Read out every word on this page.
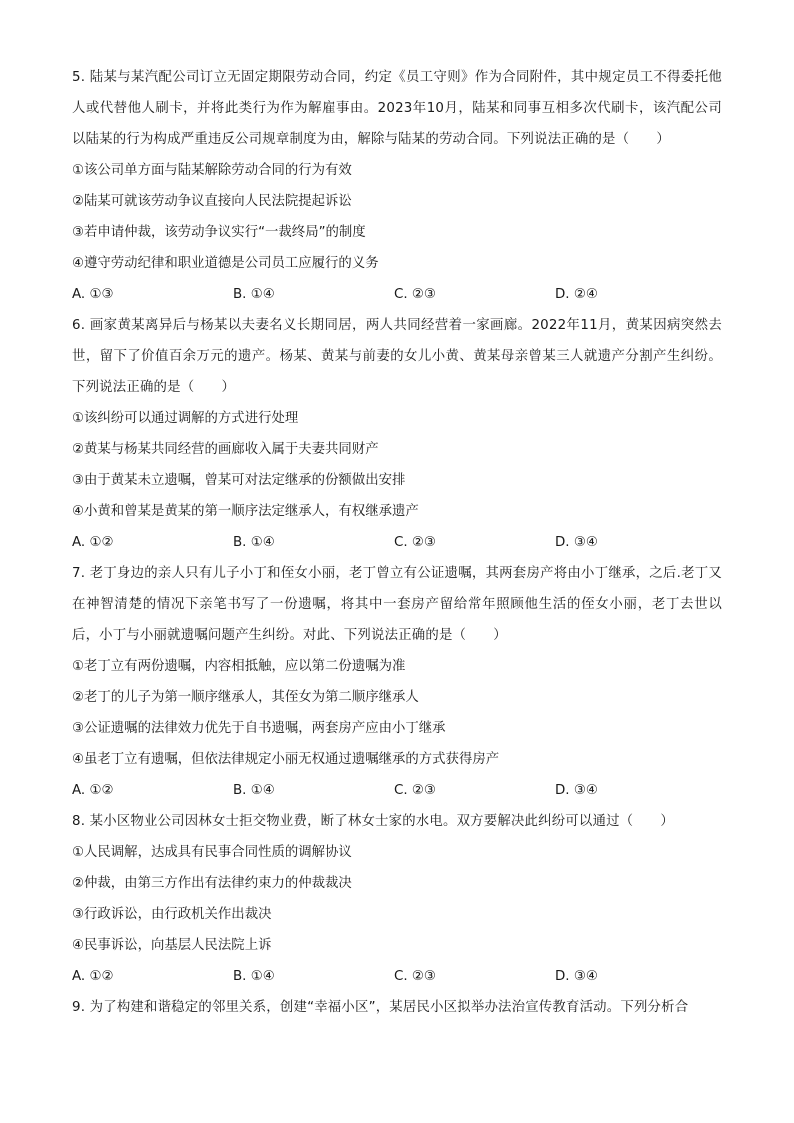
5. 陆某与某汽配公司订立无固定期限劳动合同，约定《员工守则》作为合同附件，其中规定员工不得委托他人或代替他人刷卡，并将此类行为作为解雇事由。2023年10月，陆某和同事互相多次代刷卡，该汽配公司以陆某的行为构成严重违反公司规章制度为由，解除与陆某的劳动合同。下列说法正确的是（　　）

①该公司单方面与陆某解除劳动合同的行为有效

②陆某可就该劳动争议直接向人民法院提起诉讼

③若申请仲裁，该劳动争议实行“一裁终局”的制度

④遵守劳动纪律和职业道德是公司员工应履行的义务

A. ①③	B. ①④	C. ②③	D. ②④

6. 画家黄某离异后与杨某以夫妻名义长期同居，两人共同经营着一家画廊。2022年11月，黄某因病突然去世，留下了价值百余万元的遗产。杨某、黄某与前妻的女儿小黄、黄某母亲曾某三人就遗产分割产生纠纷。下列说法正确的是（　　）

①该纠纷可以通过调解的方式进行处理

②黄某与杨某共同经营的画廊收入属于夫妻共同财产

③由于黄某未立遗嘱，曾某可对法定继承的份额做出安排

④小黄和曾某是黄某的第一顺序法定继承人，有权继承遗产

A. ①②	B. ①④	C. ②③	D. ③④

7. 老丁身边的亲人只有儿子小丁和侄女小丽，老丁曾立有公证遗嘱，其两套房产将由小丁继承，之后.老丁又在神智清楚的情况下亲笔书写了一份遗嘱，将其中一套房产留给常年照顾他生活的侄女小丽，老丁去世以后，小丁与小丽就遗嘱问题产生纠纷。对此、下列说法正确的是（　　）

①老丁立有两份遗嘱，内容相抵触，应以第二份遗嘱为准

②老丁的儿子为第一顺序继承人，其侄女为第二顺序继承人

③公证遗嘱的法律效力优先于自书遗嘱，两套房产应由小丁继承

④虽老丁立有遗嘱，但依法律规定小丽无权通过遗嘱继承的方式获得房产

A. ①②	B. ①④	C. ②③	D. ③④

8. 某小区物业公司因林女士拒交物业费，断了林女士家的水电。双方要解决此纠纷可以通过（　　）

①人民调解，达成具有民事合同性质的调解协议

②仲裁，由第三方作出有法律约束力的仲裁裁决

③行政诉讼，由行政机关作出裁决

④民事诉讼，向基层人民法院上诉

A. ①②	B. ①④	C. ②③	D. ③④

9. 为了构建和谐稳定的邻里关系，创建“幸福小区”，某居民小区拟举办法治宣传教育活动。下列分析合
